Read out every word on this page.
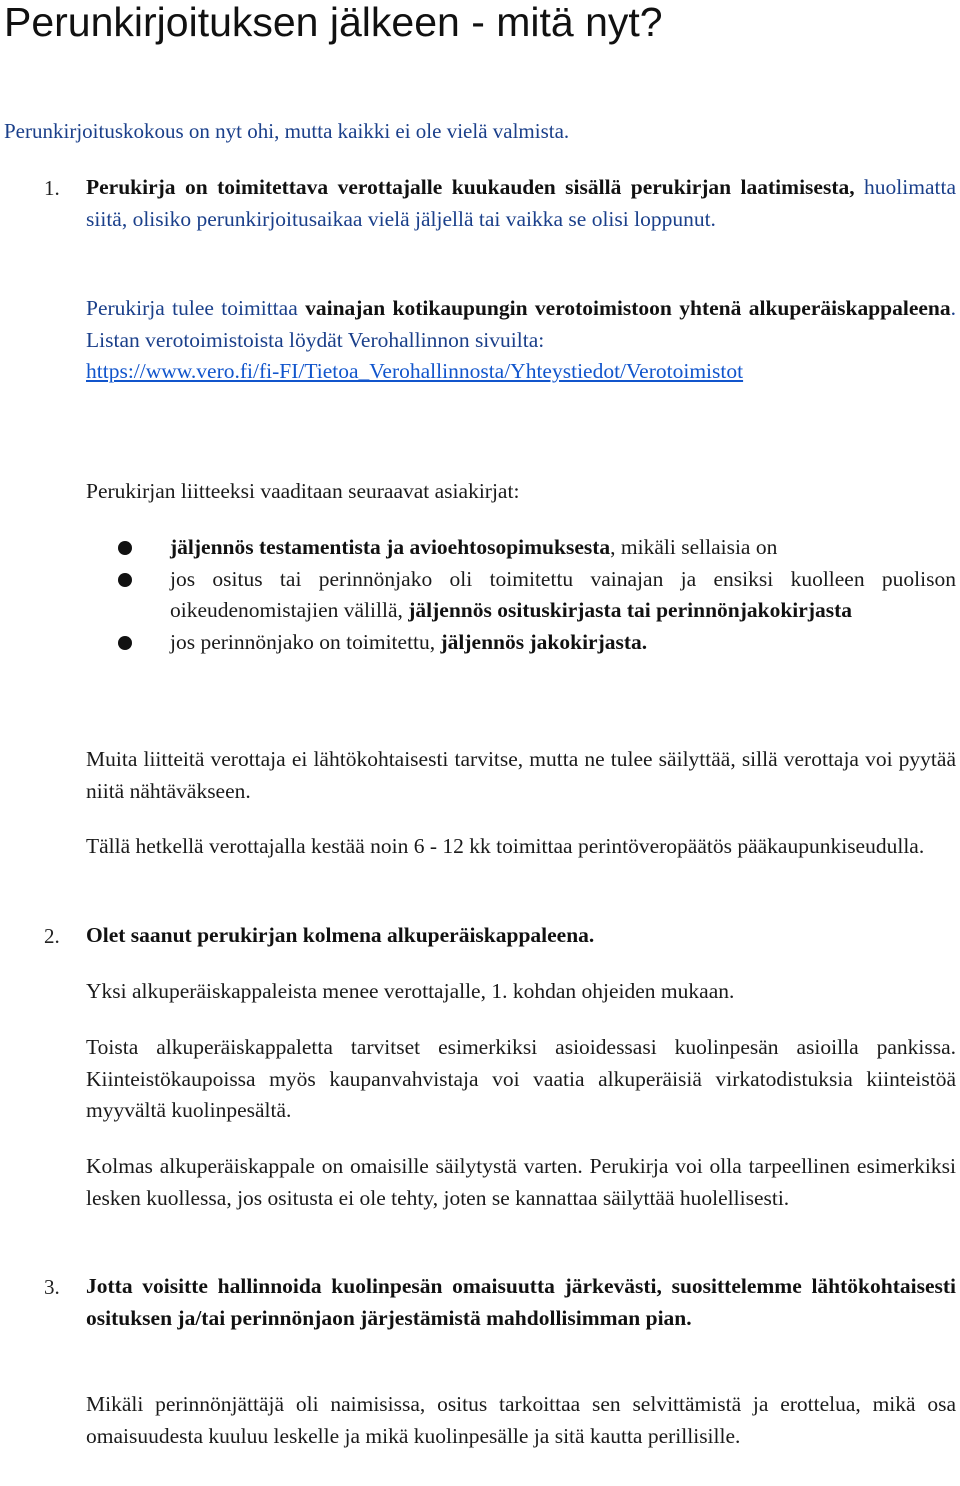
Perunkirjoituksen jälkeen - mitä nyt?

Perunkirjoituskokous on nyt ohi, mutta kaikki ei ole vielä valmista.

1. Perukirja on toimitettava verottajalle kuukauden sisällä perukirjan laatimisesta, huolimatta siitä, olisiko perunkirjoitusaikaa vielä jäljellä tai vaikka se olisi loppunut.

Perukirja tulee toimittaa vainajan kotikaupungin verotoimistoon yhtenä alkuperäiskappaleena. Listan verotoimistoista löydät Verohallinnon sivuilta:
https://www.vero.fi/fi-FI/Tietoa_Verohallinnosta/Yhteystiedot/Verotoimistot

Perukirjan liitteeksi vaaditaan seuraavat asiakirjat:

jäljennös testamentista ja avioehtosopimuksesta, mikäli sellaisia on
jos ositus tai perinnönjako oli toimitettu vainajan ja ensiksi kuolleen puolison oikeudenomistajien välillä, jäljennös osituskirjasta tai perinnönjakokirjasta
jos perinnönjako on toimitettu, jäljennös jakokirjasta.

Muita liitteitä verottaja ei lähtökohtaisesti tarvitse, mutta ne tulee säilyttää, sillä verottaja voi pyytää niitä nähtäväkseen.

Tällä hetkellä verottajalla kestää noin 6 - 12 kk toimittaa perintöveropäätös pääkaupunkiseudulla.

2. Olet saanut perukirjan kolmena alkuperäiskappaleena.

Yksi alkuperäiskappaleista menee verottajalle, 1. kohdan ohjeiden mukaan.

Toista alkuperäiskappaletta tarvitset esimerkiksi asioidessasi kuolinpesän asioilla pankissa. Kiinteistökaupoissa myös kaupanvahvistaja voi vaatia alkuperäisiä virkatodistuksia kiinteistöä myyvältä kuolinpesältä.

Kolmas alkuperäiskappale on omaisille säilytystä varten. Perukirja voi olla tarpeellinen esimerkiksi lesken kuollessa, jos ositusta ei ole tehty, joten se kannattaa säilyttää huolellisesti.

3. Jotta voisitte hallinnoida kuolinpesän omaisuutta järkevästi, suosittelemme lähtökohtaisesti osituksen ja/tai perinnönjaon järjestämistä mahdollisimman pian.

Mikäli perinnönjättäjä oli naimisissa, ositus tarkoittaa sen selvittämistä ja erottelua, mikä osa omaisuudesta kuuluu leskelle ja mikä kuolinpesälle ja sitä kautta perillisille.
